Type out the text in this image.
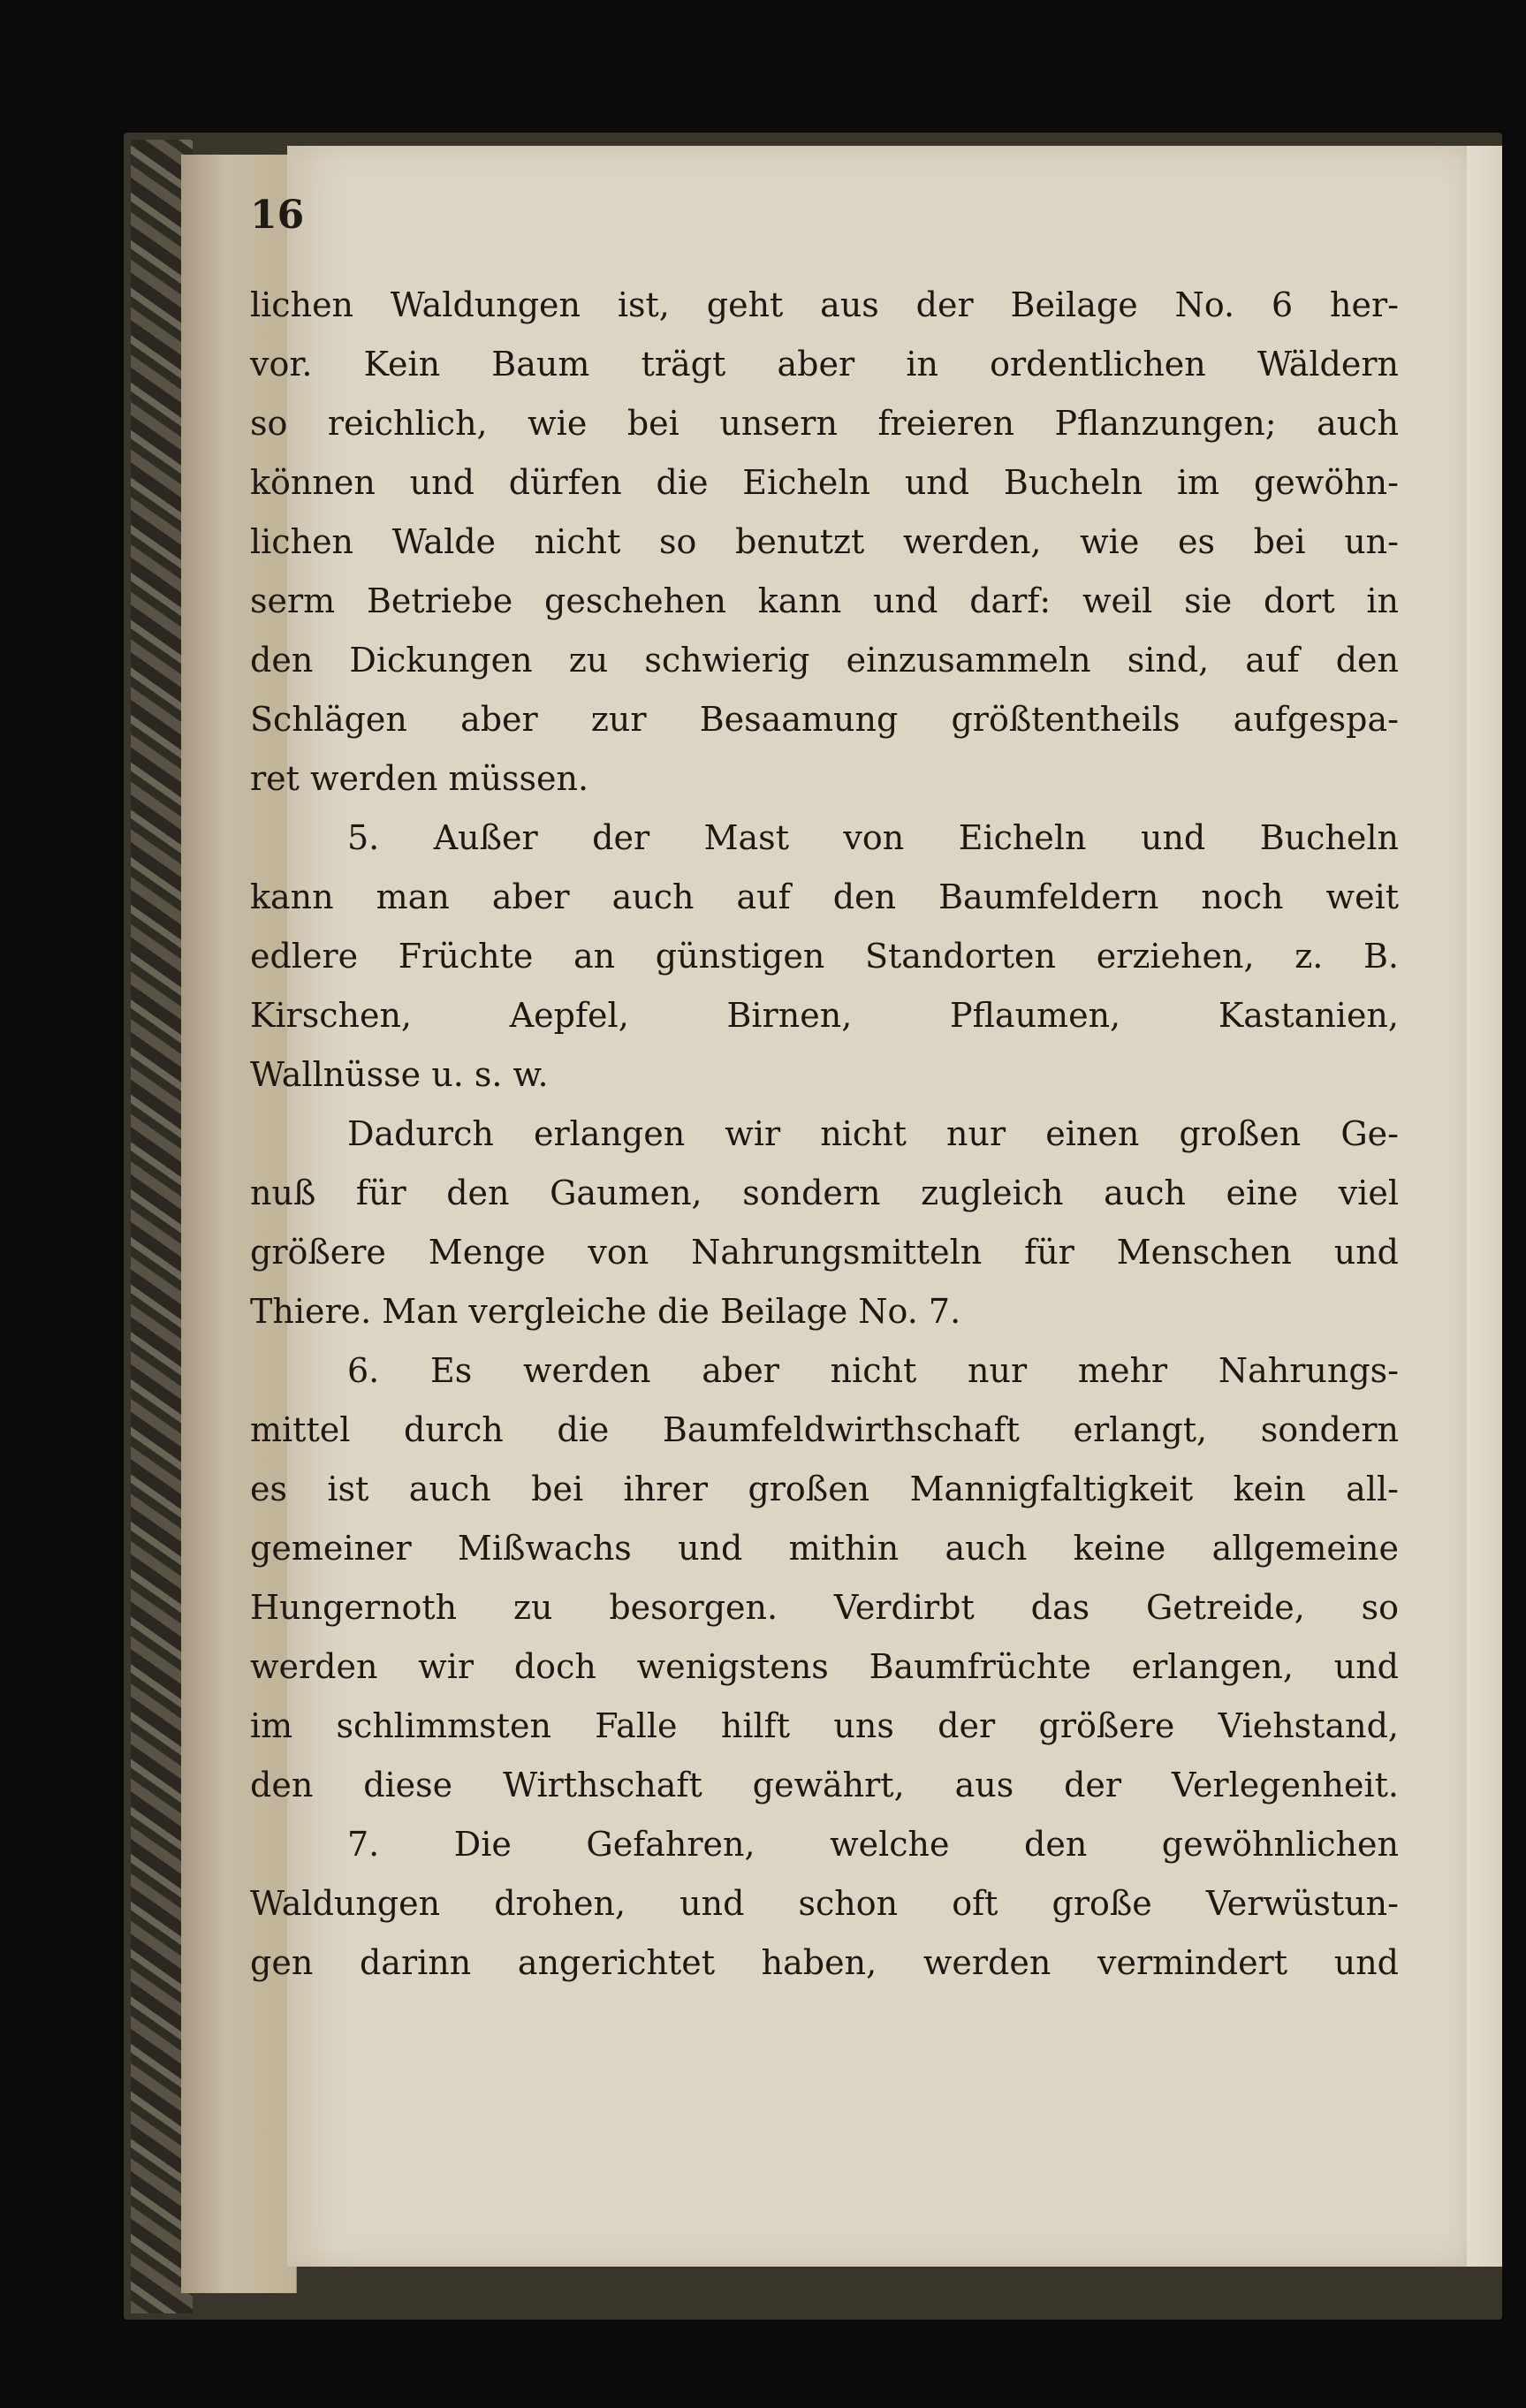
16
lichen Waldungen ist, geht aus der Beilage No. 6 her-
vor. Kein Baum trägt aber in ordentlichen Wäldern
so reichlich, wie bei unsern freieren Pflanzungen; auch
können und dürfen die Eicheln und Bucheln im gewöhn-
lichen Walde nicht so benutzt werden, wie es bei un-
serm Betriebe geschehen kann und darf: weil sie dort in
den Dickungen zu schwierig einzusammeln sind, auf den
Schlägen aber zur Besaamung größtentheils aufgespa-
ret werden müssen.
5. Außer der Mast von Eicheln und Bucheln
kann man aber auch auf den Baumfeldern noch weit
edlere Früchte an günstigen Standorten erziehen, z. B.
Kirschen, Aepfel, Birnen, Pflaumen, Kastanien,
Wallnüsse u. s. w.
Dadurch erlangen wir nicht nur einen großen Ge-
nuß für den Gaumen, sondern zugleich auch eine viel
größere Menge von Nahrungsmitteln für Menschen und
Thiere. Man vergleiche die Beilage No. 7.
6. Es werden aber nicht nur mehr Nahrungs-
mittel durch die Baumfeldwirthschaft erlangt, sondern
es ist auch bei ihrer großen Mannigfaltigkeit kein all-
gemeiner Mißwachs und mithin auch keine allgemeine
Hungernoth zu besorgen. Verdirbt das Getreide, so
werden wir doch wenigstens Baumfrüchte erlangen, und
im schlimmsten Falle hilft uns der größere Viehstand,
den diese Wirthschaft gewährt, aus der Verlegenheit.
7. Die Gefahren, welche den gewöhnlichen
Waldungen drohen, und schon oft große Verwüstun-
gen darinn angerichtet haben, werden vermindert und
